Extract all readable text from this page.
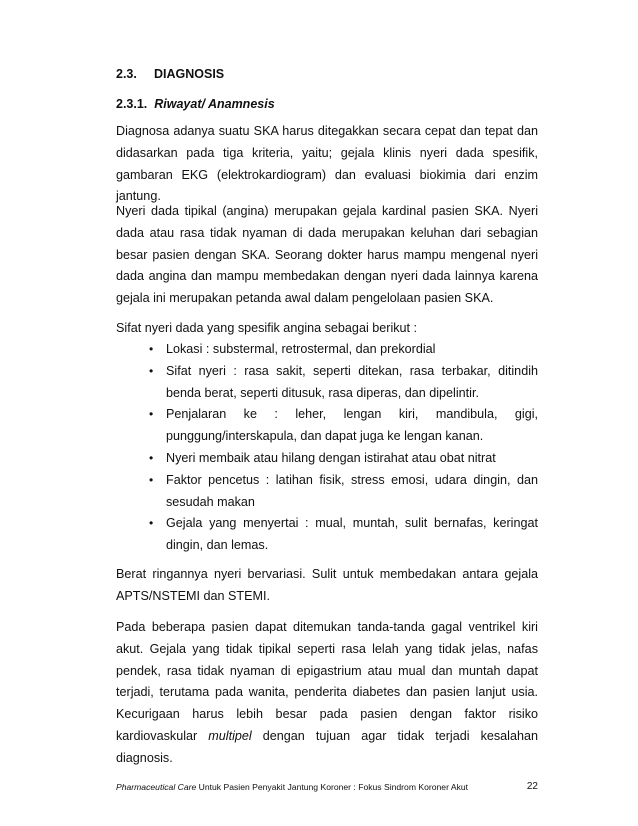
2.3. DIAGNOSIS
2.3.1. Riwayat/ Anamnesis

Diagnosa adanya suatu SKA harus ditegakkan secara cepat dan tepat dan didasarkan pada tiga kriteria, yaitu; gejala klinis nyeri dada spesifik, gambaran EKG (elektrokardiogram) dan evaluasi biokimia dari enzim jantung.

Nyeri dada tipikal (angina) merupakan gejala kardinal pasien SKA. Nyeri dada atau rasa tidak nyaman di dada merupakan keluhan dari sebagian besar pasien dengan SKA. Seorang dokter harus mampu mengenal nyeri dada angina dan mampu membedakan dengan nyeri dada lainnya karena gejala ini merupakan petanda awal dalam pengelolaan pasien SKA.

Sifat nyeri dada yang spesifik angina sebagai berikut :

• Lokasi : substermal, retrostermal, dan prekordial
• Sifat nyeri : rasa sakit, seperti ditekan, rasa terbakar, ditindih benda berat, seperti ditusuk, rasa diperas, dan dipelintir.
• Penjalaran ke : leher, lengan kiri, mandibula, gigi, punggung/interskapula, dan dapat juga ke lengan kanan.
• Nyeri membaik atau hilang dengan istirahat atau obat nitrat
• Faktor pencetus : latihan fisik, stress emosi, udara dingin, dan sesudah makan
• Gejala yang menyertai : mual, muntah, sulit bernafas, keringat dingin, dan lemas.

Berat ringannya nyeri bervariasi. Sulit untuk membedakan antara gejala APTS/NSTEMI dan STEMI.

Pada beberapa pasien dapat ditemukan tanda-tanda gagal ventrikel kiri akut. Gejala yang tidak tipikal seperti rasa lelah yang tidak jelas, nafas pendek, rasa tidak nyaman di epigastrium atau mual dan muntah dapat terjadi, terutama pada wanita, penderita diabetes dan pasien lanjut usia. Kecurigaan harus lebih besar pada pasien dengan faktor risiko kardiovaskular multipel dengan tujuan agar tidak terjadi kesalahan diagnosis.

Pharmaceutical Care Untuk Pasien Penyakit Jantung Koroner : Fokus Sindrom Koroner Akut	22
